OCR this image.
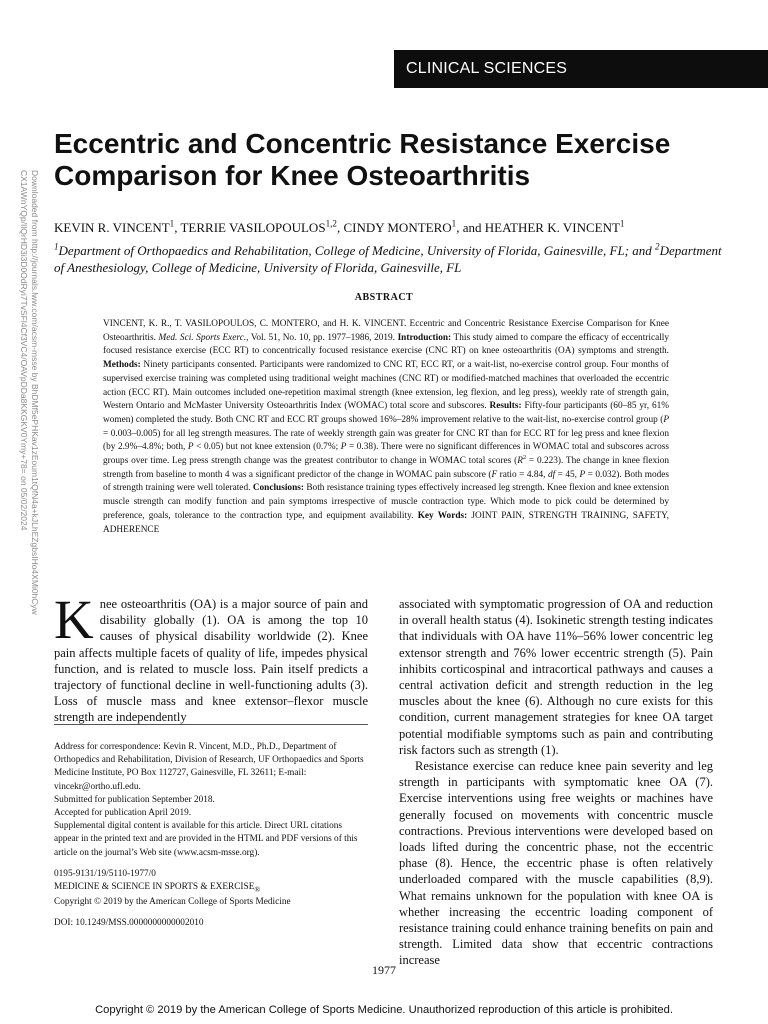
CLINICAL SCIENCES
Eccentric and Concentric Resistance Exercise Comparison for Knee Osteoarthritis
KEVIN R. VINCENT$^1$, TERRIE VASILOPOULOS$^{1,2}$, CINDY MONTERO$^1$, and HEATHER K. VINCENT$^1$
$^1$Department of Orthopaedics and Rehabilitation, College of Medicine, University of Florida, Gainesville, FL; and $^2$Department of Anesthesiology, College of Medicine, University of Florida, Gainesville, FL
Downloaded from http://journals.lww.com/acsm-msse by BhDMf5ePHKav1zEoum1tQfN4a+kJLhEZgbsIHo4XMi0hCyw CX1AWnYQp/IlQrHD3i3D0OdRyi7TvSFl4Cf3VC4/OAVpDDa8KKGKV0Ymy+78= on 05/02/2024	ABSTRACT

VINCENT, K. R., T. VASILOPOULOS, C. MONTERO, and H. K. VINCENT. Eccentric and Concentric Resistance Exercise Comparison for Knee Osteoarthritis. Med. Sci. Sports Exerc., Vol. 51, No. 10, pp. 1977–1986, 2019. Introduction: This study aimed to compare the efficacy of eccentrically focused resistance exercise (ECC RT) to concentrically focused resistance exercise (CNC RT) on knee osteoarthritis (OA) symptoms and strength. Methods: Ninety participants consented. Participants were randomized to CNC RT, ECC RT, or a wait-list, no-exercise control group. Four months of supervised exercise training was completed using traditional weight machines (CNC RT) or modified-matched machines that overloaded the eccentric action (ECC RT). Main outcomes included one-repetition maximal strength (knee extension, leg flexion, and leg press), weekly rate of strength gain, Western Ontario and McMaster University Osteoarthritis Index (WOMAC) total score and subscores. Results: Fifty-four participants (60–85 yr, 61% women) completed the study. Both CNC RT and ECC RT groups showed 16%–28% improvement relative to the wait-list, no-exercise control group (P = 0.003–0.005) for all leg strength measures. The rate of weekly strength gain was greater for CNC RT than for ECC RT for leg press and knee flexion (by 2.9%–4.8%; both, P < 0.05) but not knee extension (0.7%; P = 0.38). There were no significant differences in WOMAC total and subscores across groups over time. Leg press strength change was the greatest contributor to change in WOMAC total scores $(R^2 = 0.223)$. The change in knee flexion strength from baseline to month 4 was a significant predictor of the change in WOMAC pain subscore (F ratio = 4.84, df = 45, P = 0.032). Both modes of strength training were well tolerated. Conclusions: Both resistance training types effectively increased leg strength. Knee flexion and knee extension muscle strength can modify function and pain symptoms irrespective of muscle contraction type. Which mode to pick could be determined by preference, goals, tolerance to the contraction type, and equipment availability. Key Words: JOINT PAIN, STRENGTH TRAINING, SAFETY, ADHERENCE

Knee osteoarthritis (OA) is a major source of pain and disability globally (1). OA is among the top 10 causes of physical disability worldwide (2). Knee pain affects multiple facets of quality of life, impedes physical function, and is related to muscle loss. Pain itself predicts a trajectory of functional decline in well-functioning adults (3). Loss of muscle mass and knee extensor–flexor muscle strength are independently

Address for correspondence: Kevin R. Vincent, M.D., Ph.D., Department of Orthopedics and Rehabilitation, Division of Research, UF Orthopaedics and Sports Medicine Institute, PO Box 112727, Gainesville, FL 32611; E-mail: vincekr@ortho.ufl.edu.

Submitted for publication September 2018.

Accepted for publication April 2019.

Supplemental digital content is available for this article. Direct URL citations appear in the printed text and are provided in the HTML and PDF versions of this article on the journal’s Web site (www.acsm-msse.org).

0195-9131/19/5110-1977/0

MEDICINE & SCIENCE IN SPORTS & $EXERCISE_®$

Copyright © 2019 by the American College of Sports Medicine

DOI: 10.1249/MSS.0000000000002010

associated with symptomatic progression of OA and reduction in overall health status (4). Isokinetic strength testing indicates that individuals with OA have 11%–56% lower concentric leg extensor strength and 76% lower eccentric strength (5). Pain inhibits corticospinal and intracortical pathways and causes a central activation deficit and strength reduction in the leg muscles about the knee (6). Although no cure exists for this condition, current management strategies for knee OA target potential modifiable symptoms such as pain and contributing risk factors such as strength (1).

Resistance exercise can reduce knee pain severity and leg strength in participants with symptomatic knee OA (7). Exercise interventions using free weights or machines have generally focused on movements with concentric muscle contractions. Previous interventions were developed based on loads lifted during the concentric phase, not the eccentric phase (8). Hence, the eccentric phase is often relatively underloaded compared with the muscle capabilities (8,9). What remains unknown for the population with knee OA is whether increasing the eccentric loading component of resistance training could enhance training benefits on pain and strength. Limited data show that eccentric contractions increase

1977
Copyright © 2019 by the American College of Sports Medicine. Unauthorized reproduction of this article is prohibited.
